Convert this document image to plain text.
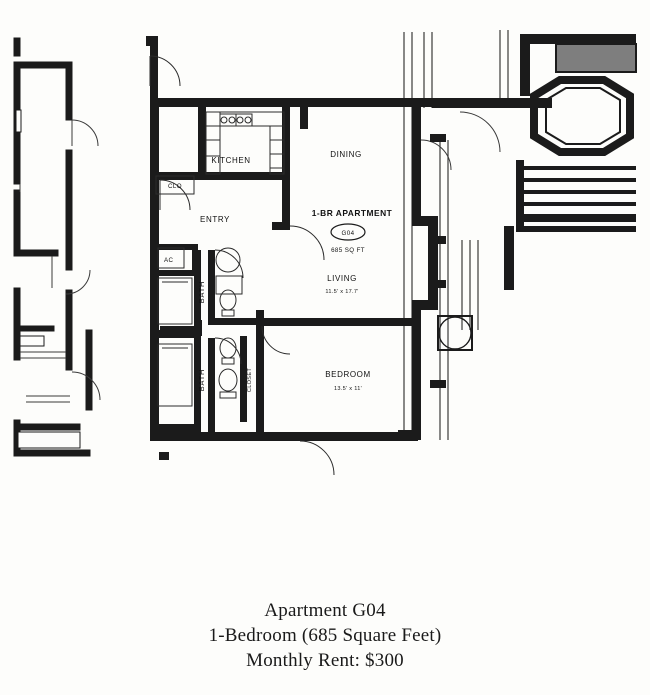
KITCHEN
DINING
ENTRY
CLO
AC
LIVING
11.5' x 17.7'
BEDROOM
13.5' x 11'
BATH
BATH	CLOSET
1-BR APARTMENT
G04
685 SQ FT
Apartment G04
1-Bedroom (685 Square Feet)
Monthly Rent: $300
